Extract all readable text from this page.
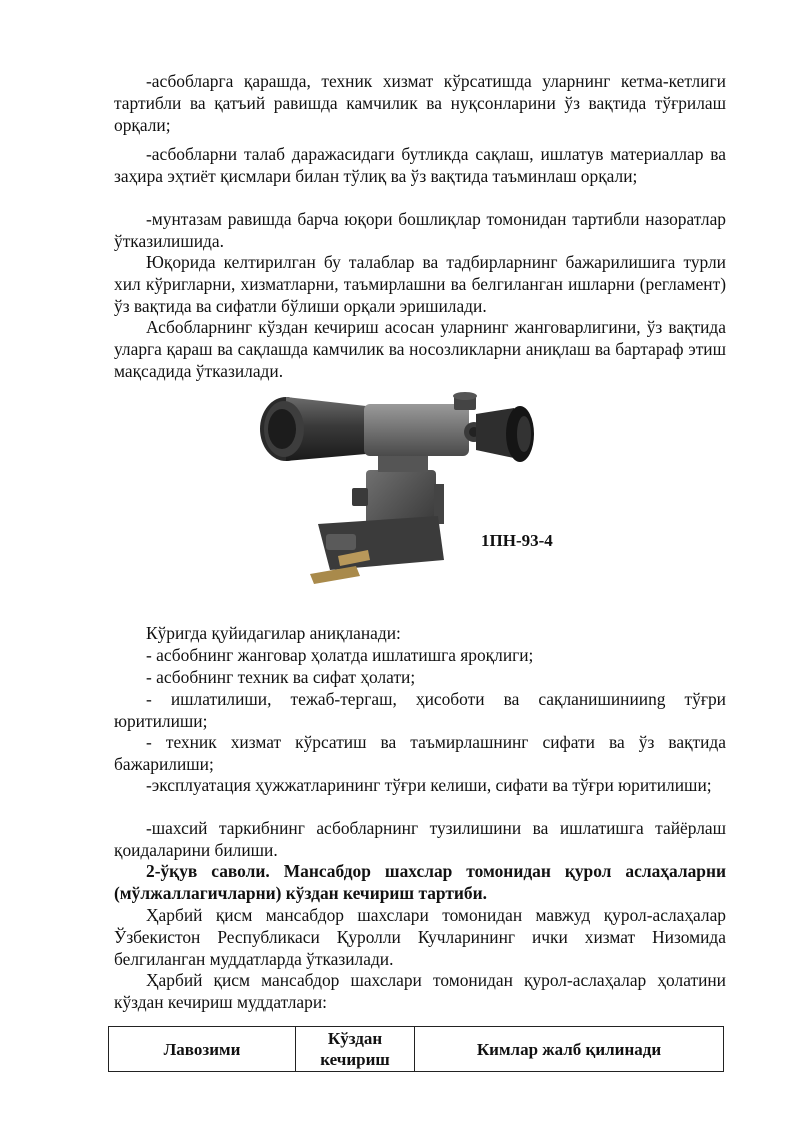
-асбобларга қарашда, техник хизмат кўрсатишда уларнинг кетма-кетлиги тартибли ва қатъий равишда камчилик ва нуқсонларини ўз вақтида тўғрилаш орқали;

-асбобларни талаб даражасидаги бутликда сақлаш, ишлатув материаллар ва заҳира эҳтиёт қисмлари билан тўлиқ ва ўз вақтида таъминлаш орқали;

-мунтазам равишда барча юқори бошлиқлар томонидан тартибли назоратлар ўтказилишида.

Юқорида келтирилган бу талаблар ва тадбирларнинг бажарилишига турли хил кўригларни, хизматларни, таъмирлашни ва белгиланган ишларни (регламент) ўз вақтида ва сифатли бўлиши орқали эришилади.

Асбобларнинг кўздан кечириш асосан уларнинг жанговарлигини, ўз вақтида уларга қараш ва сақлашда камчилик ва носозликларни аниқлаш ва бартараф этиш мақсадида ўтказилади.

1ПН-93-4

Кўригда қуйидагилар аниқланади:

- асбобнинг жанговар ҳолатда ишлатишга яроқлиги;

- асбобнинг техник ва сифат ҳолати;

- ишлатилиши, тежаб-тергаш, ҳисоботи ва сақланишинииng тўғри юритилиши;

- техник хизмат кўрсатиш ва таъмирлашнинг сифати ва ўз вақтида бажарилиши;

-эксплуатация ҳужжатларининг тўғри келиши, сифати ва тўғри юритилиши;

-шахсий таркибнинг асбобларнинг тузилишини ва ишлатишга тайёрлаш қоидаларини билиши.

2-ўқув саволи. Мансабдор шахслар томонидан қурол аслаҳаларни (мўлжаллагичларни) кўздан кечириш тартиби.

Ҳарбий қисм мансабдор шахслари томонидан мавжуд қурол-аслаҳалар Ўзбекистон Республикаси Қуролли Кучларининг ички хизмат Низомида белгиланган муддатларда ўтказилади.

Ҳарбий қисм мансабдор шахслари томонидан қурол-аслаҳалар ҳолатини кўздан кечириш муддатлари:

Лавозими	Кўздан кечириш	Кимлар жалб қилинади
